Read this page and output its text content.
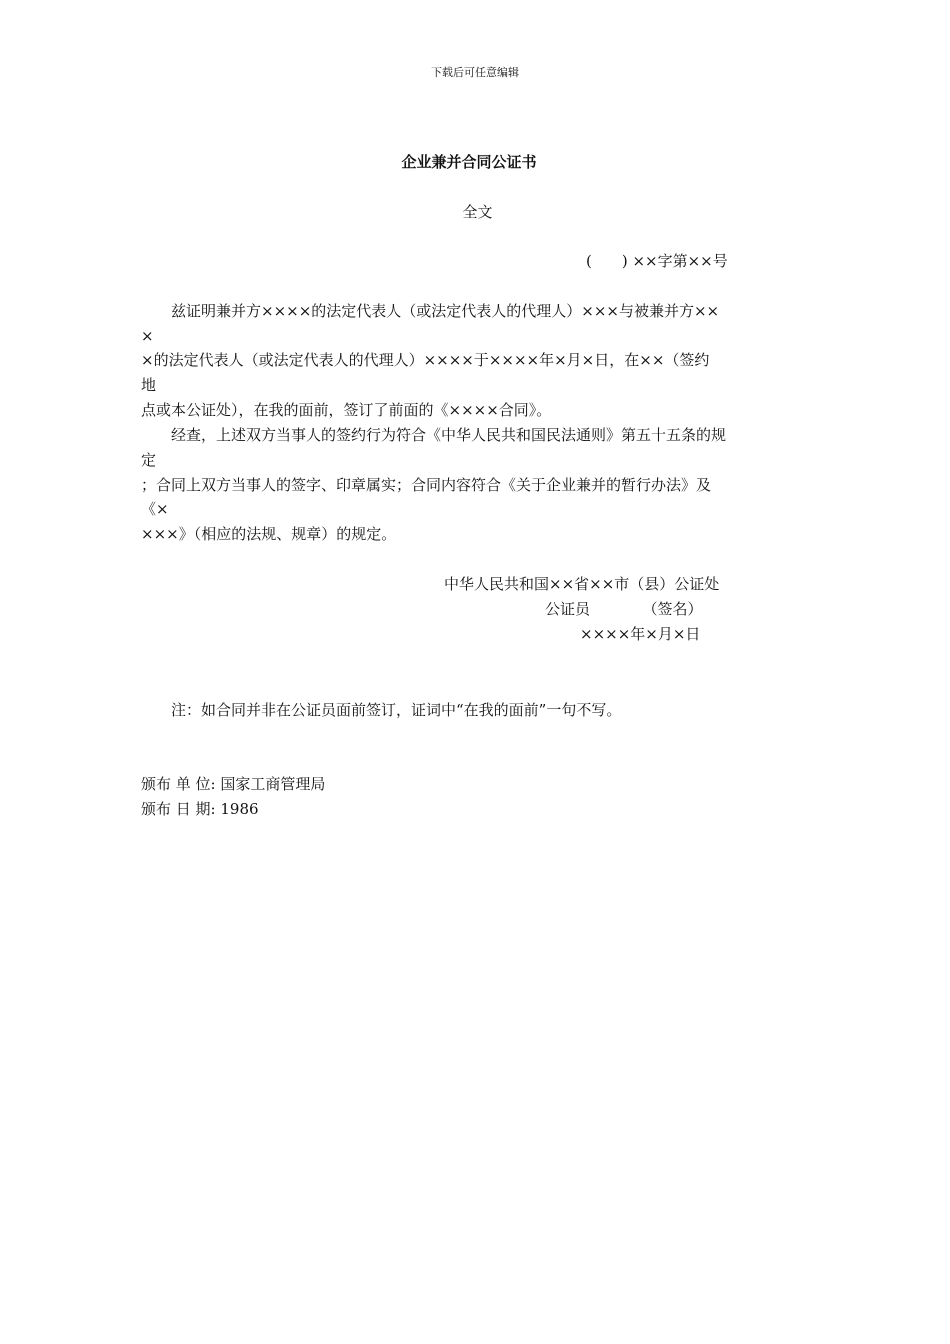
下载后可任意编辑
企业兼并合同公证书
全文
(　　) ××字第××号
　　兹证明兼并方××××的法定代表人（或法定代表人的代理人）×××与被兼并方××
×
×的法定代表人（或法定代表人的代理人）××××于××××年×月×日，在××（签约
地
点或本公证处），在我的面前，签订了前面的《××××合同》。
　　经查，上述双方当事人的签约行为符合《中华人民共和国民法通则》第五十五条的规
定
；合同上双方当事人的签字、印章属实；合同内容符合《关于企业兼并的暂行办法》及
《×
×××》（相应的法规、规章）的规定。
中华人民共和国××省××市（县）公证处
公证员　　　　（签名）
××××年×月×日
　　注：如合同并非在公证员面前签订，证词中“在我的面前”一句不写。
颁布 单 位: 国家工商管理局
颁布 日 期: 1986
